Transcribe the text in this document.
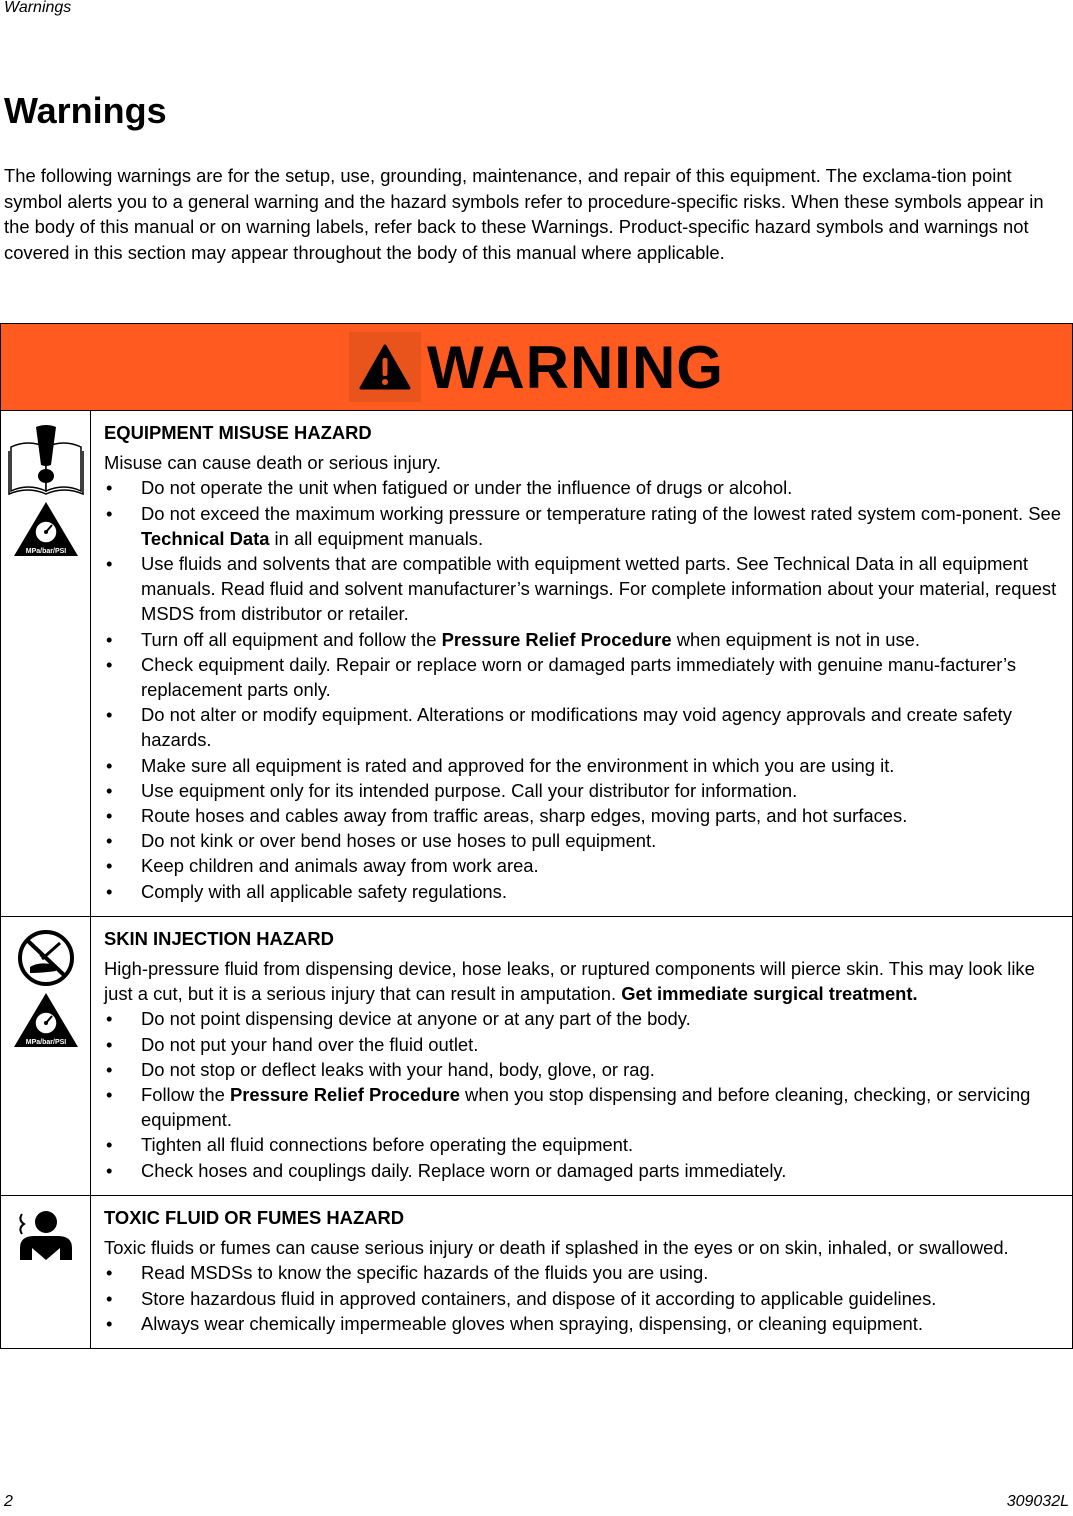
Warnings
Warnings

The following warnings are for the setup, use, grounding, maintenance, and repair of this equipment. The exclama-tion point symbol alerts you to a general warning and the hazard symbols refer to procedure-specific risks. When these symbols appear in the body of this manual or on warning labels, refer back to these Warnings. Product-specific hazard symbols and warnings not covered in this section may appear throughout the body of this manual where applicable.

WARNING
MPa/bar/PSI
EQUIPMENT MISUSE HAZARD

Misuse can cause death or serious injury.

• Do not operate the unit when fatigued or under the influence of drugs or alcohol.
• Do not exceed the maximum working pressure or temperature rating of the lowest rated system com-ponent. See Technical Data in all equipment manuals.
• Use fluids and solvents that are compatible with equipment wetted parts. See Technical Data in all equipment manuals. Read fluid and solvent manufacturer’s warnings. For complete information about your material, request MSDS from distributor or retailer.
• Turn off all equipment and follow the Pressure Relief Procedure when equipment is not in use.
• Check equipment daily. Repair or replace worn or damaged parts immediately with genuine manu-facturer’s replacement parts only.
• Do not alter or modify equipment. Alterations or modifications may void agency approvals and create safety hazards.
• Make sure all equipment is rated and approved for the environment in which you are using it.
• Use equipment only for its intended purpose. Call your distributor for information.
• Route hoses and cables away from traffic areas, sharp edges, moving parts, and hot surfaces.
• Do not kink or over bend hoses or use hoses to pull equipment.
• Keep children and animals away from work area.
• Comply with all applicable safety regulations.
MPa/bar/PSI
SKIN INJECTION HAZARD

High-pressure fluid from dispensing device, hose leaks, or ruptured components will pierce skin. This may look like just a cut, but it is a serious injury that can result in amputation. Get immediate surgical treatment.

• Do not point dispensing device at anyone or at any part of the body.
• Do not put your hand over the fluid outlet.
• Do not stop or deflect leaks with your hand, body, glove, or rag.
• Follow the Pressure Relief Procedure when you stop dispensing and before cleaning, checking, or servicing equipment.
• Tighten all fluid connections before operating the equipment.
• Check hoses and couplings daily. Replace worn or damaged parts immediately.
TOXIC FLUID OR FUMES HAZARD

Toxic fluids or fumes can cause serious injury or death if splashed in the eyes or on skin, inhaled, or swallowed.

• Read MSDSs to know the specific hazards of the fluids you are using.
• Store hazardous fluid in approved containers, and dispose of it according to applicable guidelines.
• Always wear chemically impermeable gloves when spraying, dispensing, or cleaning equipment.
2	309032L
